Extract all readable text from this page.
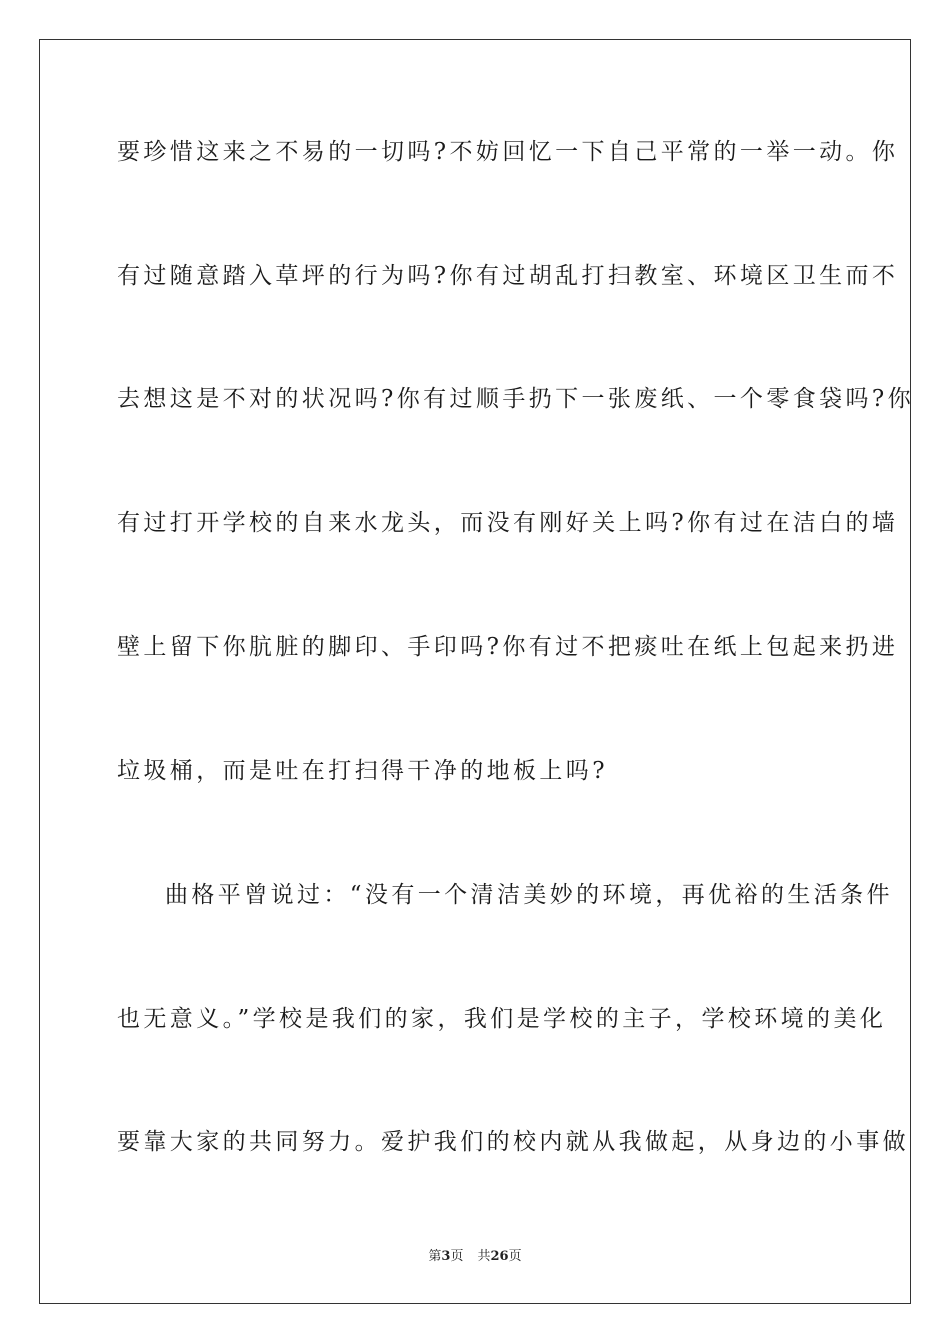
要珍惜这来之不易的一切吗?不妨回忆一下自己平常的一举一动。你
有过随意踏入草坪的行为吗?你有过胡乱打扫教室、环境区卫生而不
去想这是不对的状况吗?你有过顺手扔下一张废纸、一个零食袋吗?你
有过打开学校的自来水龙头，而没有刚好关上吗?你有过在洁白的墙
壁上留下你肮脏的脚印、手印吗?你有过不把痰吐在纸上包起来扔进
垃圾桶，而是吐在打扫得干净的地板上吗?
曲格平曾说过：“没有一个清洁美妙的环境，再优裕的生活条件
也无意义。”学校是我们的家，我们是学校的主子，学校环境的美化
要靠大家的共同努力。爱护我们的校内就从我做起，从身边的小事做
第3页 共26页
